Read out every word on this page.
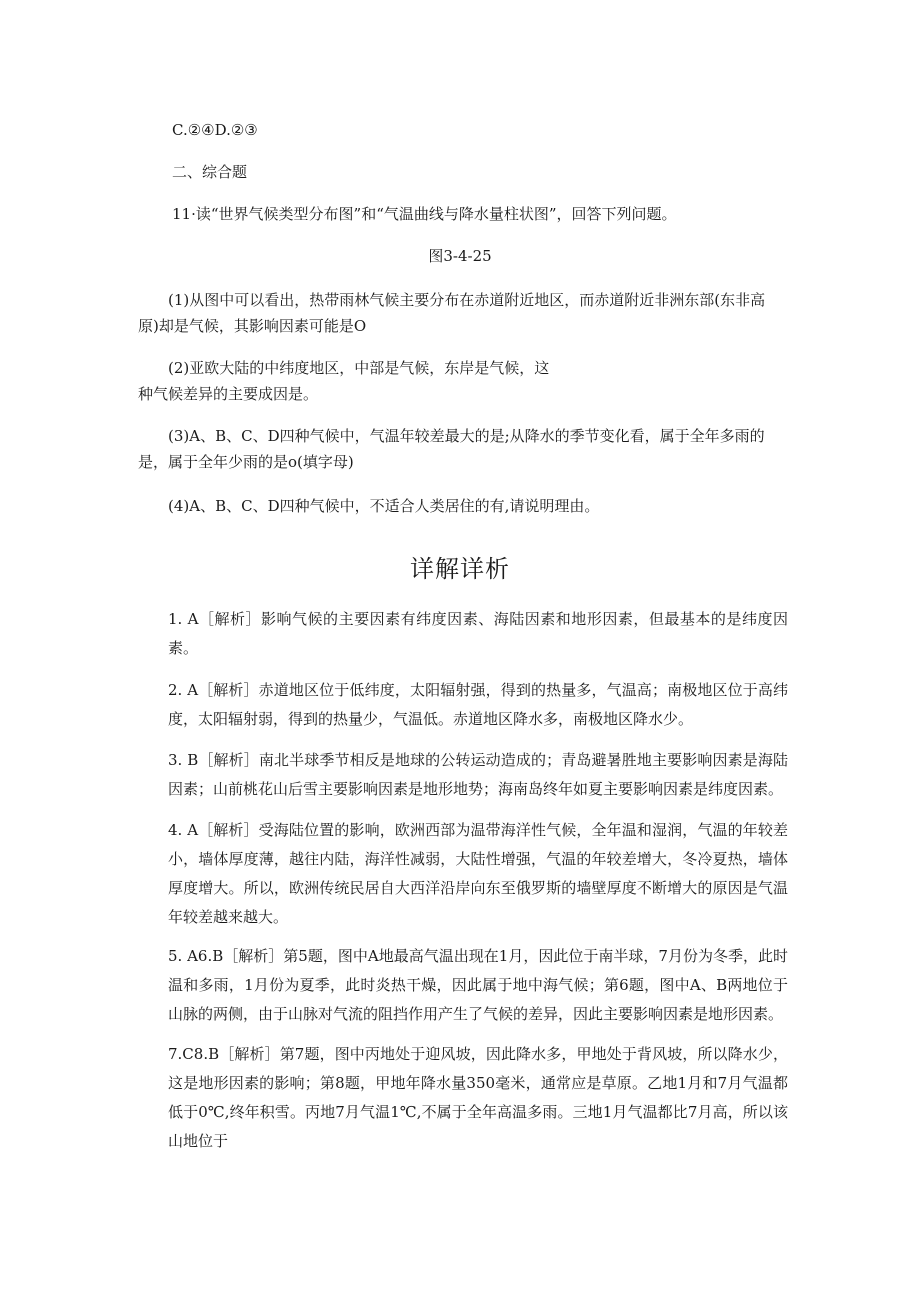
C.②④D.②③
二、综合题
11·读“世界气候类型分布图”和“气温曲线与降水量柱状图”，回答下列问题。
图3-4-25
(1)从图中可以看出，热带雨林气候主要分布在赤道附近地区，而赤道附近非洲东部(东非高
原)却是气候，其影响因素可能是O
(2)亚欧大陆的中纬度地区，中部是气候，东岸是气候，这
种气候差异的主要成因是。
(3)A、B、C、D四种气候中，气温年较差最大的是;从降水的季节变化看，属于全年多雨的
是，属于全年少雨的是o(填字母)
(4)A、B、C、D四种气候中，不适合人类居住的有,请说明理由。
详解详析
1. A［解析］影响气候的主要因素有纬度因素、海陆因素和地形因素，但最基本的是纬度因素。
2. A［解析］赤道地区位于低纬度，太阳辐射强，得到的热量多，气温高；南极地区位于高纬度，太阳辐射弱，得到的热量少，气温低。赤道地区降水多，南极地区降水少。
3. B［解析］南北半球季节相反是地球的公转运动造成的；青岛避暑胜地主要影响因素是海陆因素；山前桃花山后雪主要影响因素是地形地势；海南岛终年如夏主要影响因素是纬度因素。
4. A［解析］受海陆位置的影响，欧洲西部为温带海洋性气候，全年温和湿润，气温的年较差小，墙体厚度薄，越往内陆，海洋性减弱，大陆性增强，气温的年较差增大，冬冷夏热，墙体厚度增大。所以，欧洲传统民居自大西洋沿岸向东至俄罗斯的墙壁厚度不断增大的原因是气温年较差越来越大。
5. A6.B［解析］第5题，图中A地最高气温出现在1月，因此位于南半球，7月份为冬季，此时温和多雨，1月份为夏季，此时炎热干燥，因此属于地中海气候；第6题，图中A、B两地位于山脉的两侧，由于山脉对气流的阻挡作用产生了气候的差异，因此主要影响因素是地形因素。
7.C8.B［解析］第7题，图中丙地处于迎风坡，因此降水多，甲地处于背风坡，所以降水少，这是地形因素的影响；第8题，甲地年降水量350毫米，通常应是草原。乙地1月和7月气温都低于0℃,终年积雪。丙地7月气温1℃,不属于全年高温多雨。三地1月气温都比7月高，所以该山地位于
